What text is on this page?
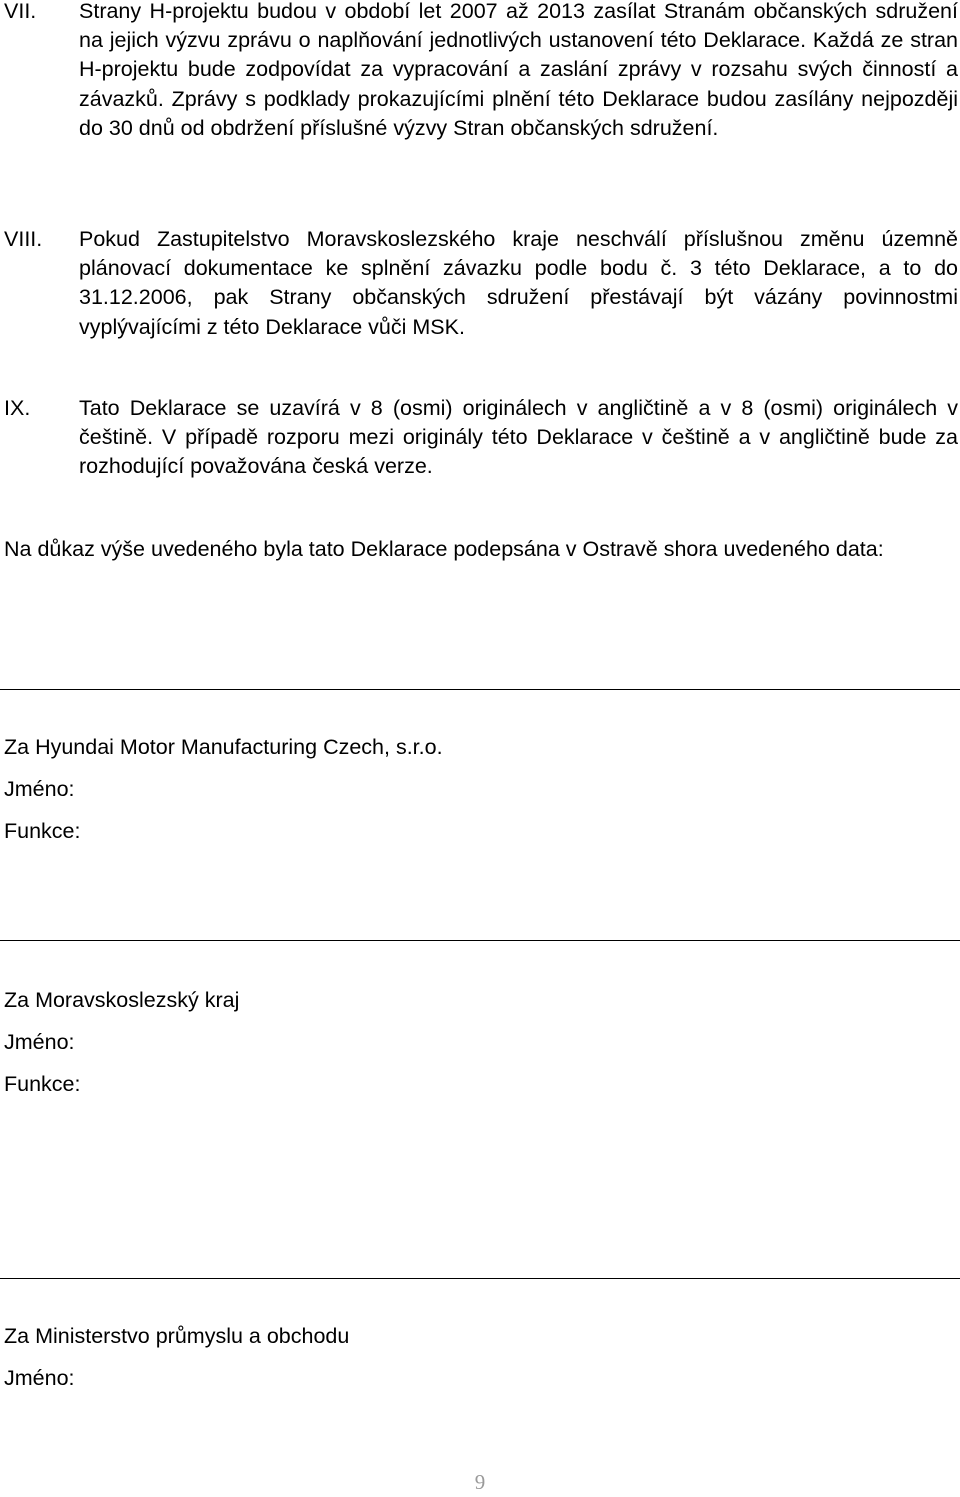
VII.	Strany H-projektu budou v období let 2007 až 2013 zasílat Stranám občanských sdružení na jejich výzvu zprávu o naplňování jednotlivých ustanovení této Deklarace. Každá ze stran H-projektu bude zodpovídat za vypracování a zaslání zprávy v rozsahu svých činností a závazků. Zprávy s podklady prokazujícími plnění této Deklarace budou zasílány nejpozději do 30 dnů od obdržení příslušné výzvy Stran občanských sdružení.
VIII.	Pokud Zastupitelstvo Moravskoslezského kraje neschválí příslušnou změnu územně plánovací dokumentace ke splnění závazku podle bodu č. 3 této Deklarace, a to do 31.12.2006, pak Strany občanských sdružení přestávají být vázány povinnostmi vyplývajícími z této Deklarace vůči MSK.
IX.	Tato Deklarace se uzavírá v 8 (osmi) originálech v angličtině a v 8 (osmi) originálech v češtině. V případě rozporu mezi originály této Deklarace v češtině a v angličtině bude za rozhodující považována česká verze.
Na důkaz výše uvedeného byla tato Deklarace podepsána v Ostravě shora uvedeného data:
Za Hyundai Motor Manufacturing Czech, s.r.o.
Jméno:
Funkce:
Za Moravskoslezský kraj
Jméno:
Funkce:
Za Ministerstvo průmyslu a obchodu
Jméno:
9
